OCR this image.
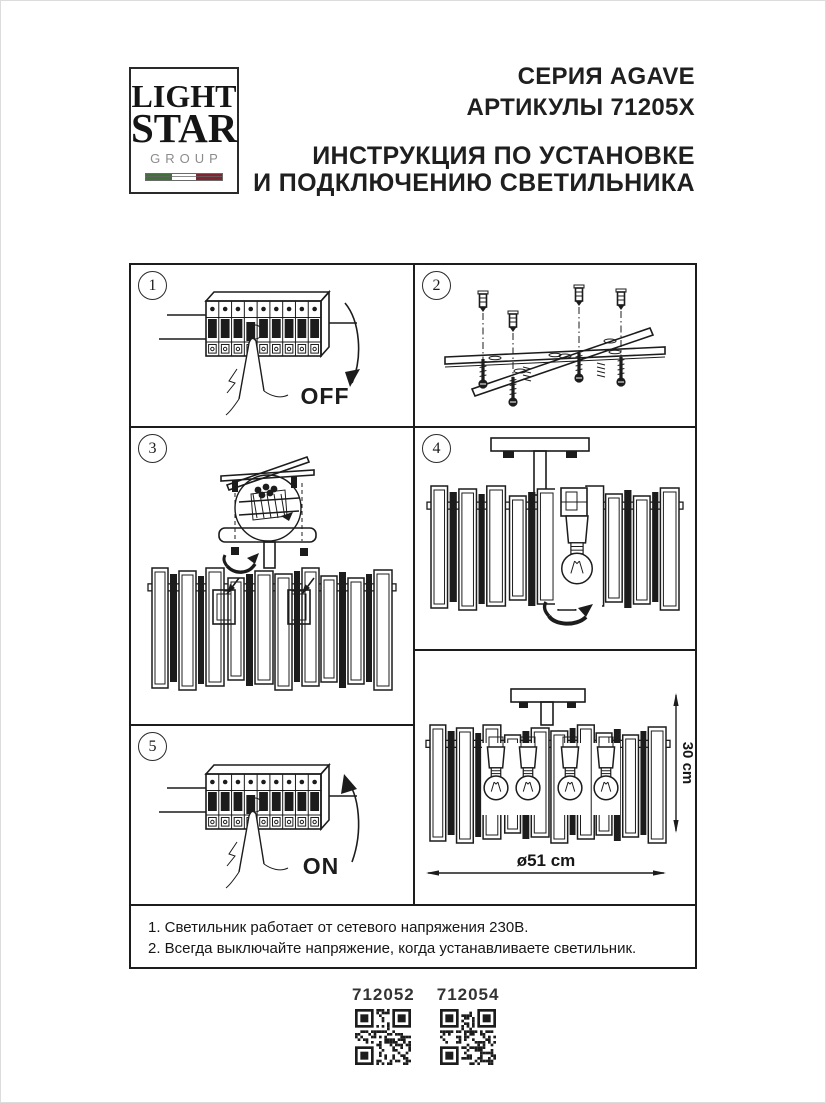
LIGHT
STAR
GROUP
СЕРИЯ AGAVE
АРТИКУЛЫ 71205X
ИНСТРУКЦИЯ ПО УСТАНОВКЕ
И ПОДКЛЮЧЕНИЮ СВЕТИЛЬНИКА
1	2
3	4
5
OFF
ON	ø51 cm
30 cm
1. Светильник работает от сетевого напряжения 230В.
2. Всегда выключайте напряжение, когда устанавливаете светильник.
712052 712054
